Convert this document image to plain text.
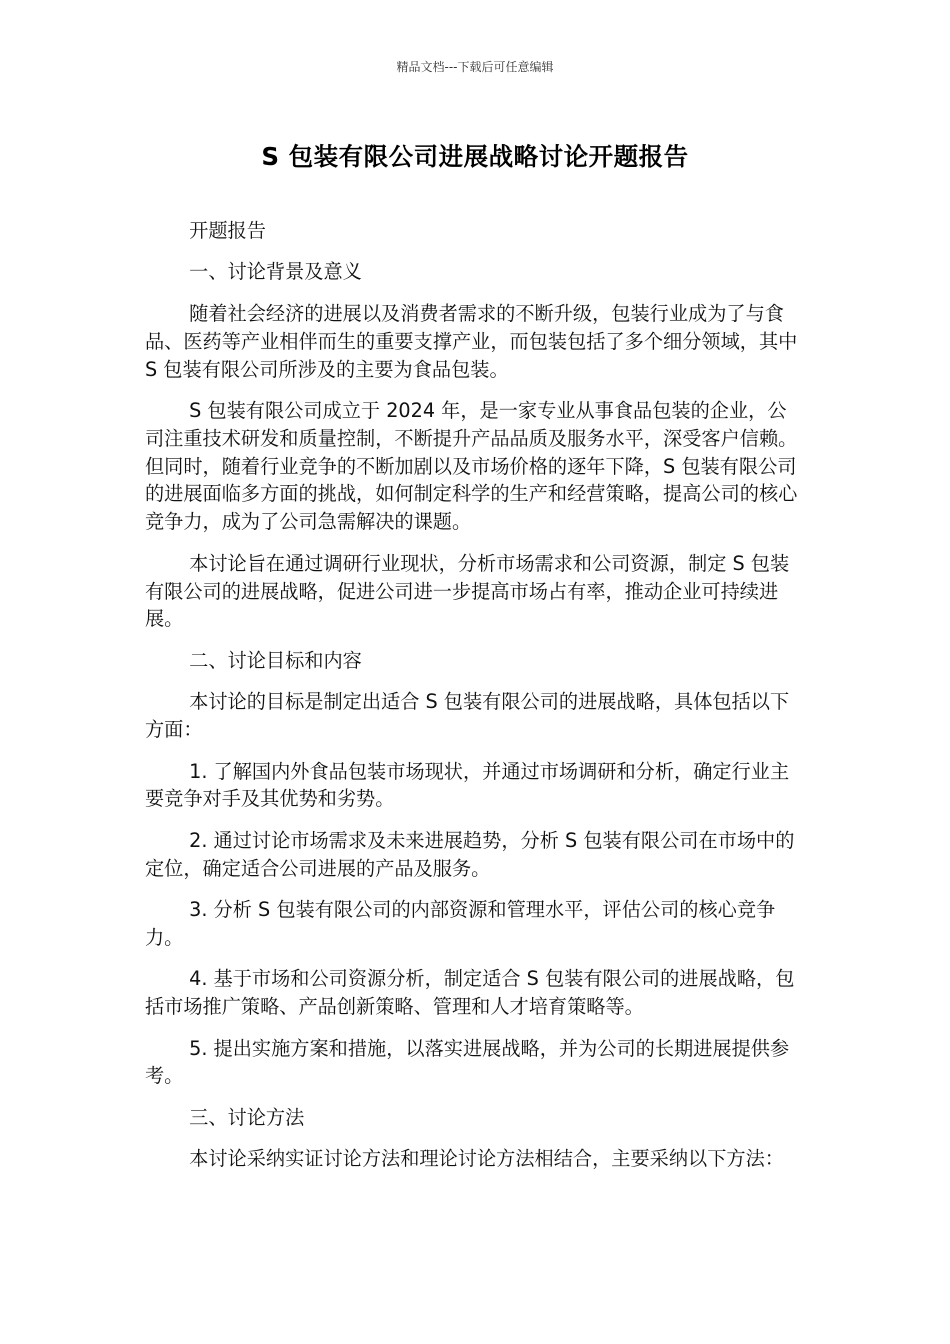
精品文档---下载后可任意编辑
S 包装有限公司进展战略讨论开题报告

开题报告

一、讨论背景及意义

随着社会经济的进展以及消费者需求的不断升级，包装行业成为了与食品、医药等产业相伴而生的重要支撑产业，而包装包括了多个细分领域，其中 S 包装有限公司所涉及的主要为食品包装。

S 包装有限公司成立于 2024 年，是一家专业从事食品包装的企业，公司注重技术研发和质量控制，不断提升产品品质及服务水平，深受客户信赖。但同时，随着行业竞争的不断加剧以及市场价格的逐年下降，S 包装有限公司的进展面临多方面的挑战，如何制定科学的生产和经营策略，提高公司的核心竞争力，成为了公司急需解决的课题。

本讨论旨在通过调研行业现状，分析市场需求和公司资源，制定 S 包装有限公司的进展战略，促进公司进一步提高市场占有率，推动企业可持续进展。

二、讨论目标和内容

本讨论的目标是制定出适合 S 包装有限公司的进展战略，具体包括以下方面：

1. 了解国内外食品包装市场现状，并通过市场调研和分析，确定行业主要竞争对手及其优势和劣势。

2. 通过讨论市场需求及未来进展趋势，分析 S 包装有限公司在市场中的定位，确定适合公司进展的产品及服务。

3. 分析 S 包装有限公司的内部资源和管理水平，评估公司的核心竞争力。

4. 基于市场和公司资源分析，制定适合 S 包装有限公司的进展战略，包括市场推广策略、产品创新策略、管理和人才培育策略等。

5. 提出实施方案和措施，以落实进展战略，并为公司的长期进展提供参考。

三、讨论方法

本讨论采纳实证讨论方法和理论讨论方法相结合，主要采纳以下方法：
